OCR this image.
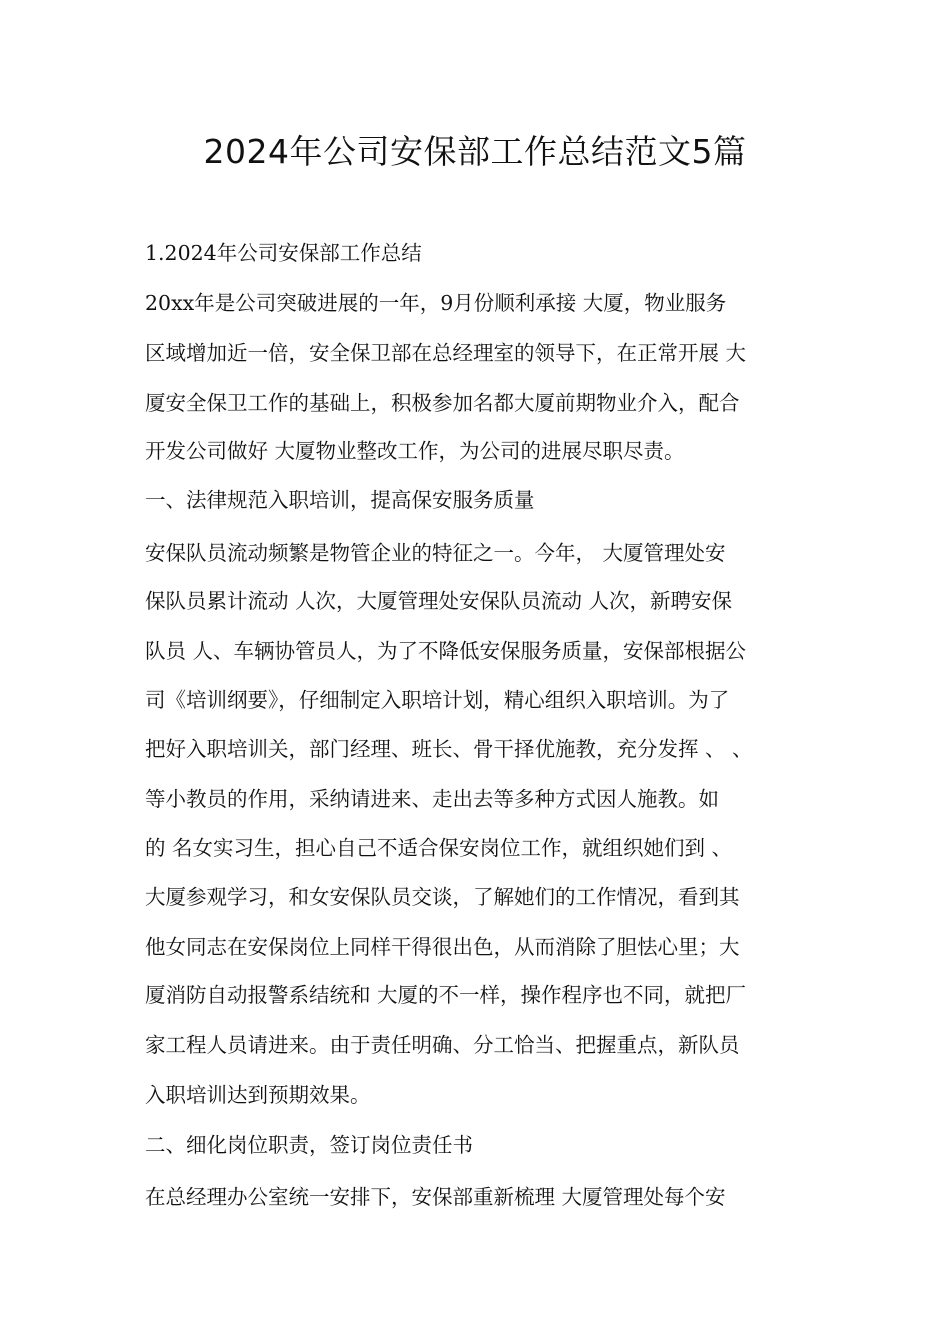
2024年公司安保部工作总结范文5篇
1.2024年公司安保部工作总结
20xx年是公司突破进展的一年，9月份顺利承接 大厦，物业服务
区域增加近一倍，安全保卫部在总经理室的领导下，在正常开展 大
厦安全保卫工作的基础上，积极参加名都大厦前期物业介入，配合
开发公司做好 大厦物业整改工作，为公司的进展尽职尽责。
一、法律规范入职培训，提高保安服务质量
安保队员流动频繁是物管企业的特征之一。今年， 大厦管理处安
保队员累计流动 人次，大厦管理处安保队员流动 人次，新聘安保
队员 人、车辆协管员人，为了不降低安保服务质量，安保部根据公
司《培训纲要》，仔细制定入职培计划，精心组织入职培训。为了
把好入职培训关，部门经理、班长、骨干择优施教，充分发挥 、 、
等小教员的作用，采纳请进来、走出去等多种方式因人施教。如
的 名女实习生，担心自己不适合保安岗位工作，就组织她们到 、
大厦参观学习，和女安保队员交谈，了解她们的工作情况，看到其
他女同志在安保岗位上同样干得很出色，从而消除了胆怯心里；大
厦消防自动报警系结统和 大厦的不一样，操作程序也不同，就把厂
家工程人员请进来。由于责任明确、分工恰当、把握重点，新队员
入职培训达到预期效果。
二、细化岗位职责，签订岗位责任书
在总经理办公室统一安排下，安保部重新梳理 大厦管理处每个安
